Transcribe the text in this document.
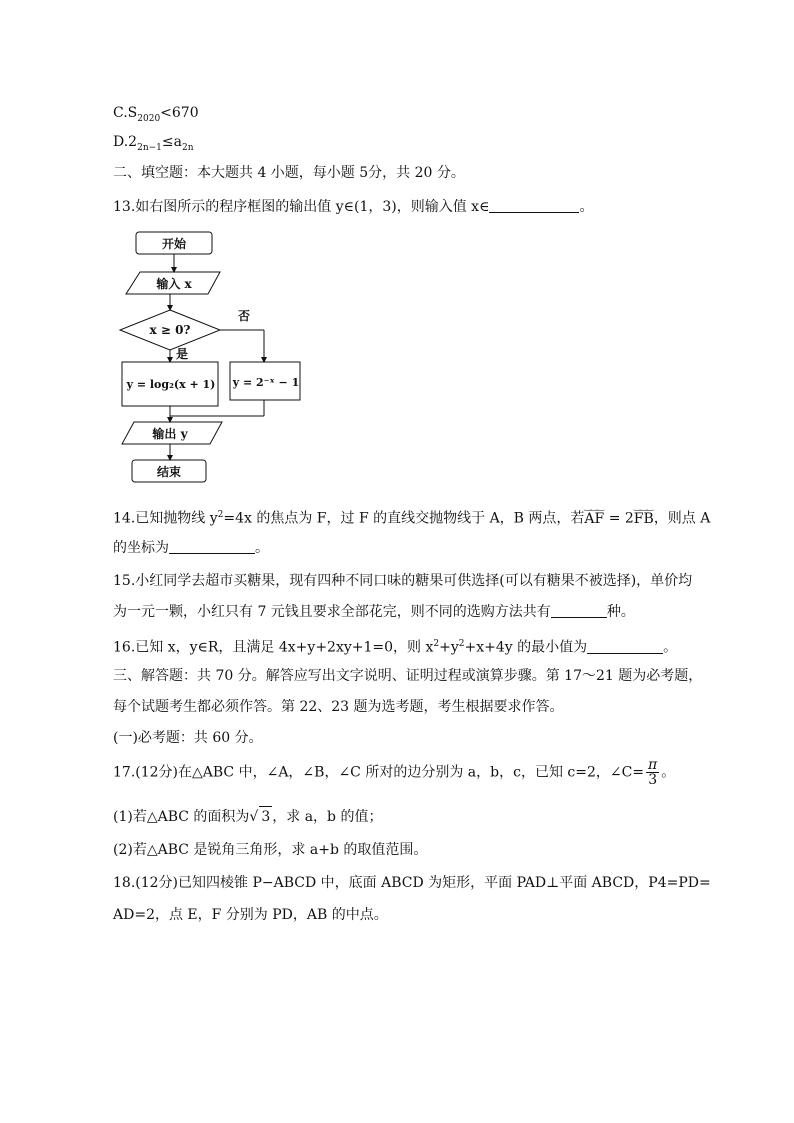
$C.S_{2020}<670$
$D.2_{2n-1}\le a_{2n}$
二、填空题：本大题共 4 小题，每小题 5分，共 20 分。
13.如右图所示的程序框图的输出值 y∈(1，3)，则输入值 x∈	。
开始
输入 x
x ≥ 0?
否
是
y = log₂(x + 1) y = 2⁻ˣ − 1
输出 y
结束
14.已知抛物线 $y^2=4x$ 的焦点为 F，过 F 的直线交抛物线于 A，B 两点，若‿‿‿ AF = 2‿‿‿ FB，则点 A
的坐标为	。
15.小红同学去超市买糖果，现有四种不同口味的糖果可供选择(可以有糖果不被选择)，单价均
为一元一颗，小红只有 7 元钱且要求全部花完，则不同的选购方法共有	种。
16.已知 x，y∈R，且满足 4x+y+2xy+1=0，则 $x^2+y^2+x+4y$ 的最小值为	。
三、解答题：共 70 分。解答应写出文字说明、证明过程或演算步骤。第 17～21 题为必考题，
每个试题考生都必须作答。第 22、23 题为选考题，考生根据要求作答。
(一)必考题：共 60 分。
17.(12分)在△ABC 中，∠A，∠B，∠C 所对的边分别为 a，b，c，已知 c=2，∠C= $\frac{\pi}{3}$ 。
(1)若△ABC 的面积为√ 3 ，求 a，b 的值；
(2)若△ABC 是锐角三角形，求 a+b 的取值范围。
18.(12分)已知四棱锥 P−ABCD 中，底面 ABCD 为矩形，平面 PAD⊥平面 ABCD，P4=PD=
AD=2，点 E，F 分别为 PD，AB 的中点。
